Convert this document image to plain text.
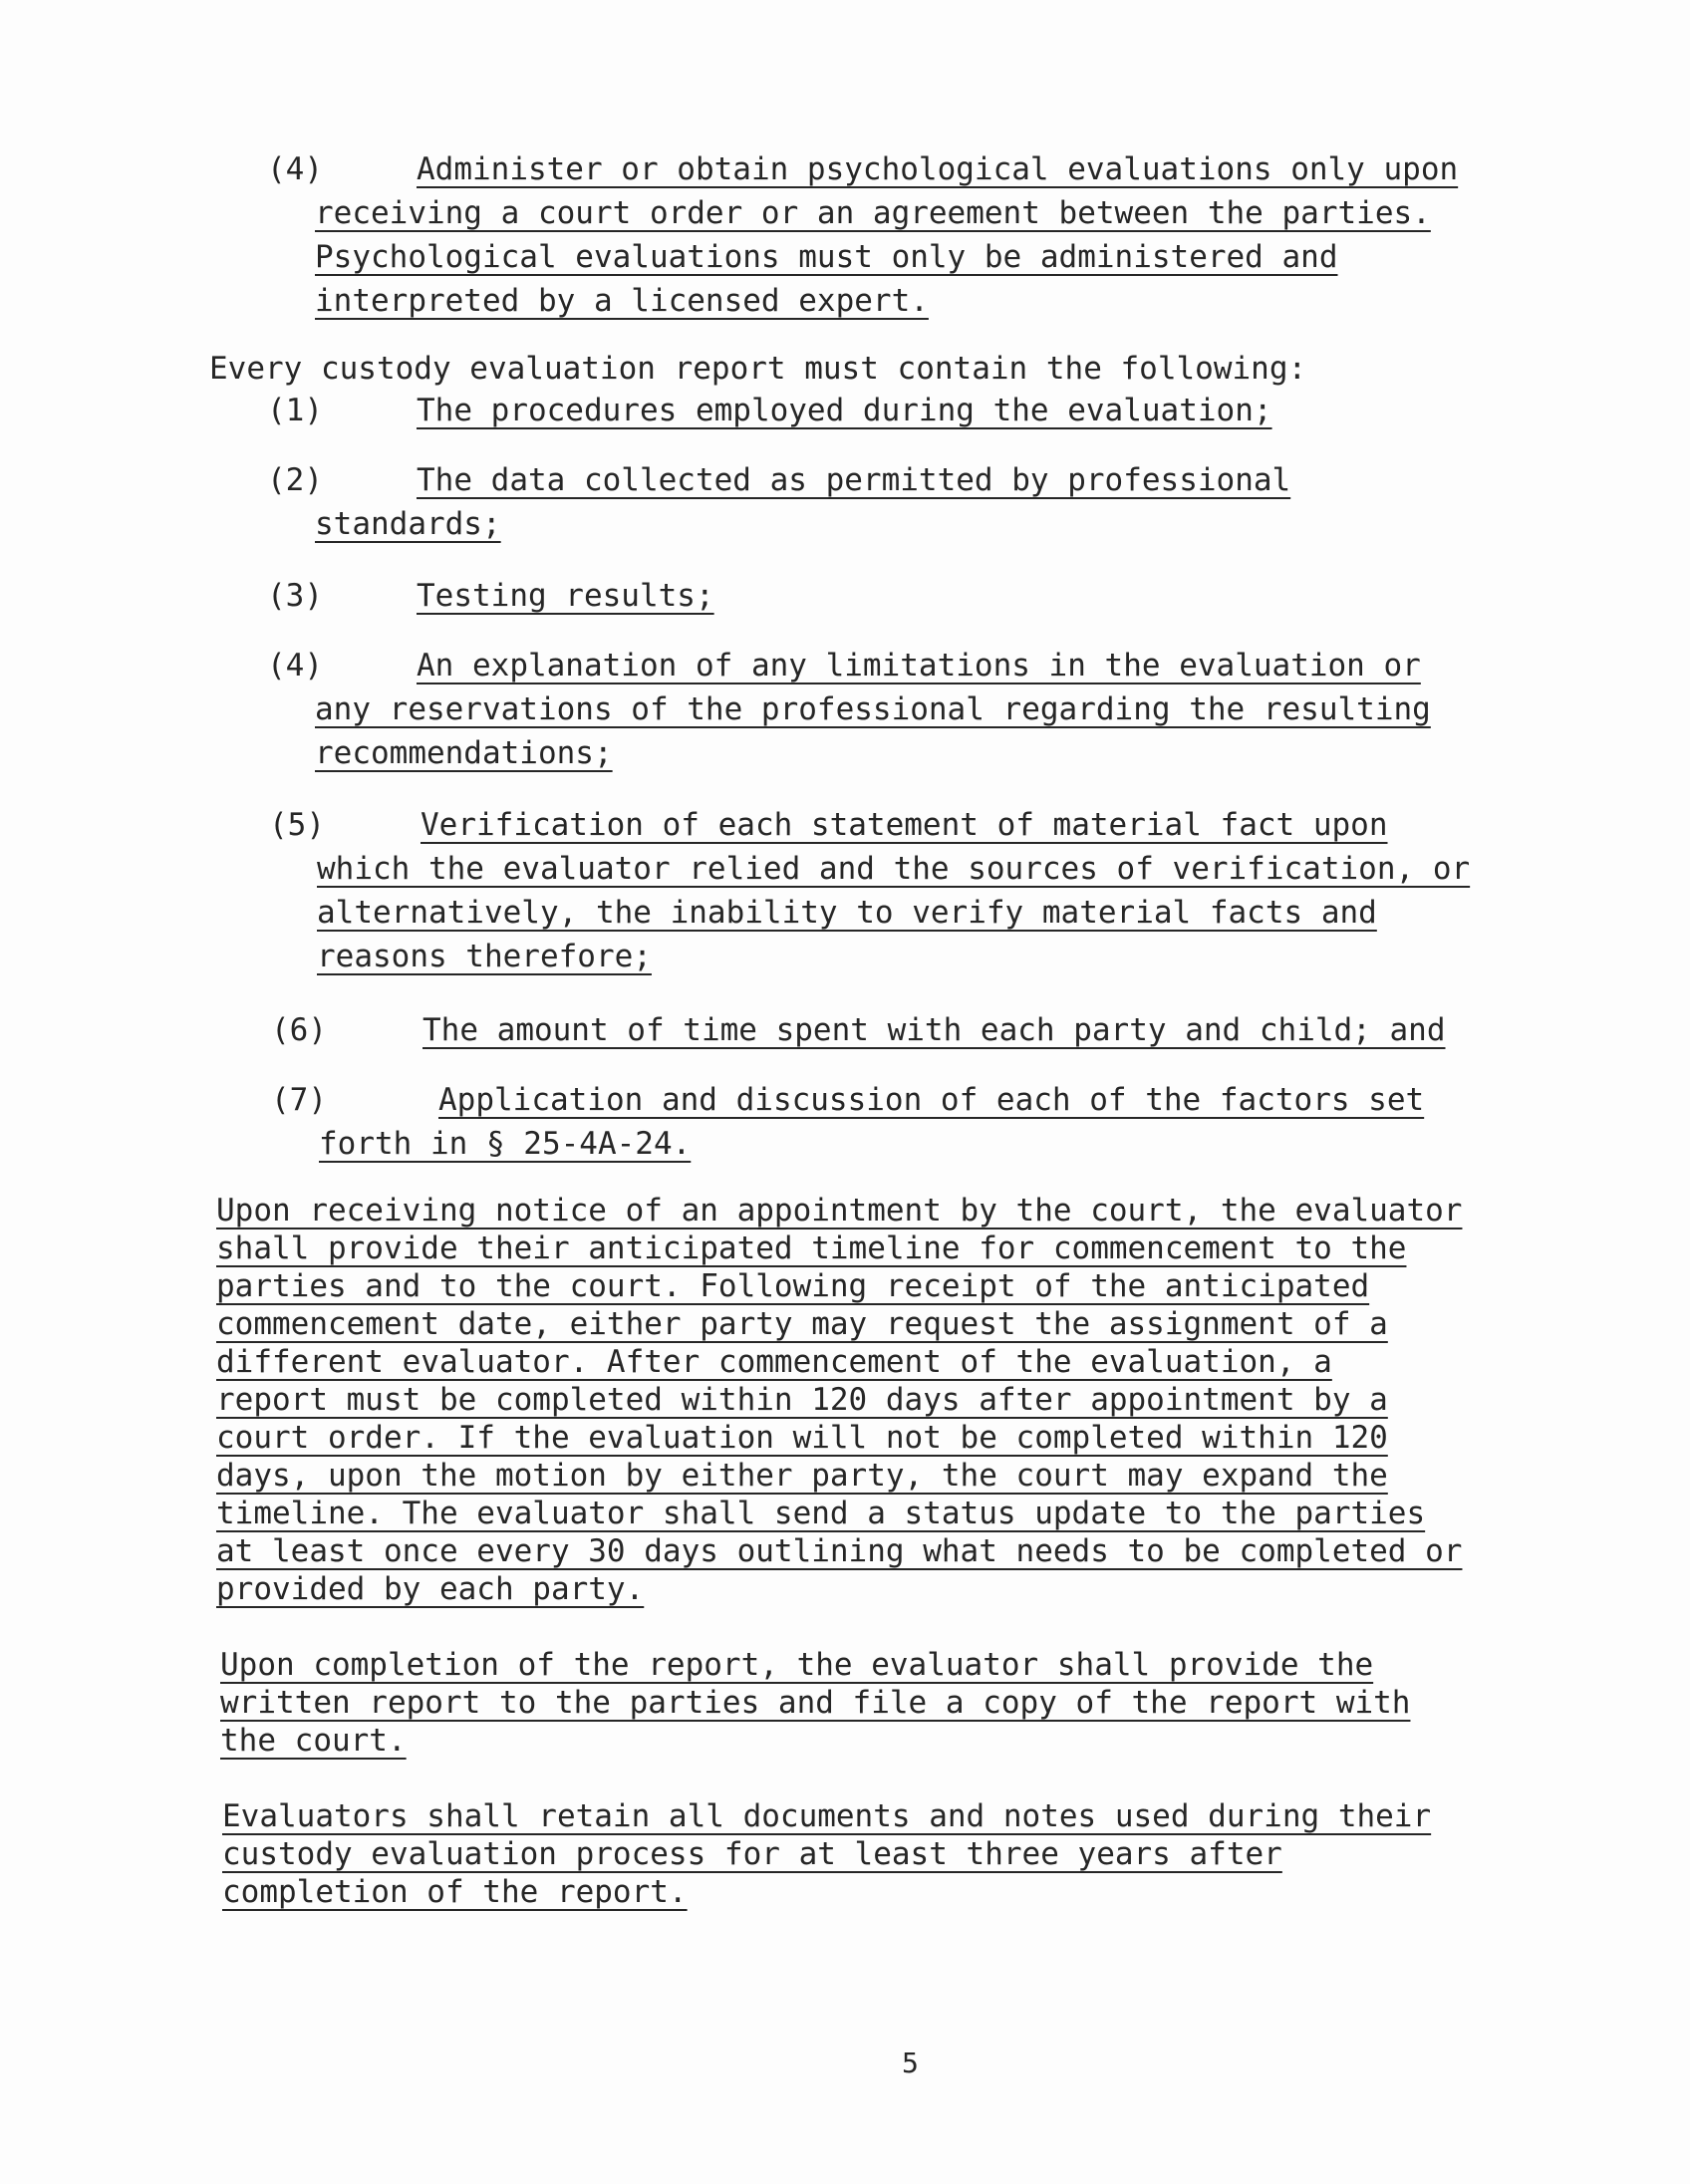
(4)	Administer or obtain psychological evaluations only upon
receiving a court order or an agreement between the parties.
Psychological evaluations must only be administered and
interpreted by a licensed expert.
Every custody evaluation report must contain the following:
(1)	The procedures employed during the evaluation;
(2)	The data collected as permitted by professional
standards;
(3)	Testing results;
(4)	An explanation of any limitations in the evaluation or
any reservations of the professional regarding the resulting
recommendations;
(5)	Verification of each statement of material fact upon
which the evaluator relied and the sources of verification, or
alternatively, the inability to verify material facts and
reasons therefore;
(6)	The amount of time spent with each party and child; and
(7)	Application and discussion of each of the factors set
forth in § 25-4A-24.
Upon receiving notice of an appointment by the court, the evaluator
shall provide their anticipated timeline for commencement to the
parties and to the court. Following receipt of the anticipated
commencement date, either party may request the assignment of a
different evaluator. After commencement of the evaluation, a
report must be completed within 120 days after appointment by a
court order. If the evaluation will not be completed within 120
days, upon the motion by either party, the court may expand the
timeline. The evaluator shall send a status update to the parties
at least once every 30 days outlining what needs to be completed or
provided by each party.
Upon completion of the report, the evaluator shall provide the
written report to the parties and file a copy of the report with
the court.
Evaluators shall retain all documents and notes used during their
custody evaluation process for at least three years after
completion of the report.
5
